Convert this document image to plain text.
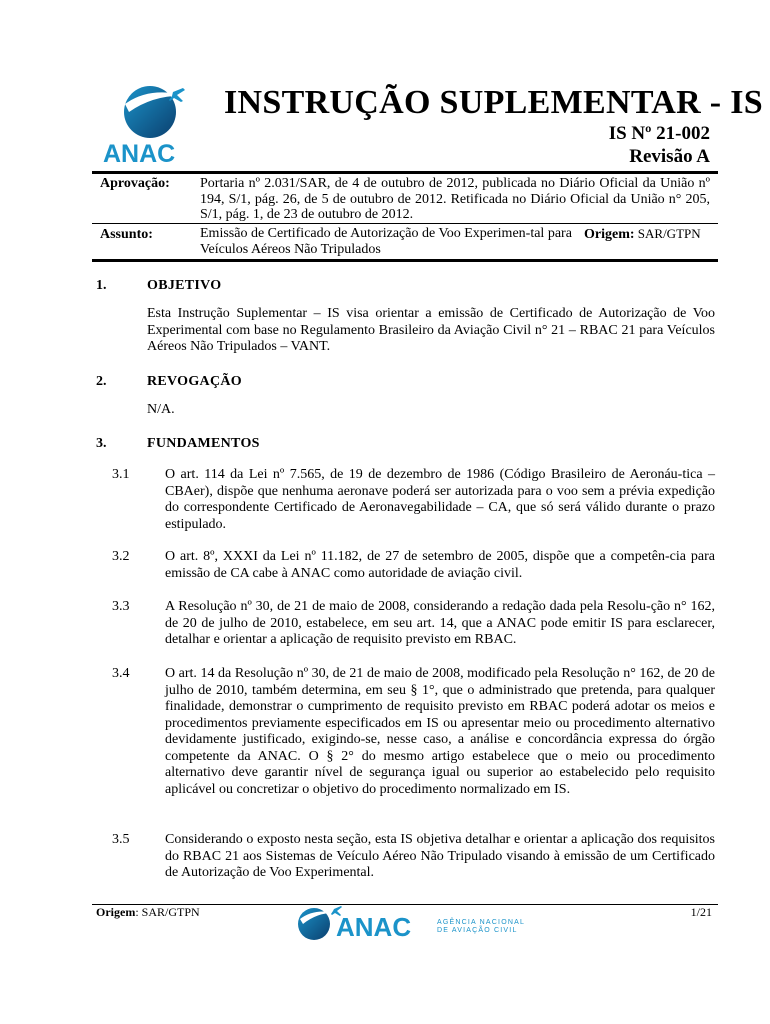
ANAC
INSTRUÇÃO SUPLEMENTAR - IS
IS Nº 21-002
Revisão A
Aprovação: Portaria nº 2.031/SAR, de 4 de outubro de 2012, publicada no Diário Oficial da União nº 194, S/1, pág. 26, de 5 de outubro de 2012. Retificada no Diário Oficial da União n° 205, S/1, pág. 1, de 23 de outubro de 2012.
Assunto:	Emissão de Certificado de Autorização de Voo Experimen-tal para Veículos Aéreos Não Tripulados
Origem: SAR/GTPN
1.	OBJETIVO
Esta Instrução Suplementar – IS visa orientar a emissão de Certificado de Autorização de Voo Experimental com base no Regulamento Brasileiro da Aviação Civil n° 21 – RBAC 21 para Veículos Aéreos Não Tripulados – VANT.
2.	REVOGAÇÃO
N/A.
3.	FUNDAMENTOS
3.1	O art. 114 da Lei nº 7.565, de 19 de dezembro de 1986 (Código Brasileiro de Aeronáu-tica – CBAer), dispõe que nenhuma aeronave poderá ser autorizada para o voo sem a prévia expedição do correspondente Certificado de Aeronavegabilidade – CA, que só será válido durante o prazo estipulado.
3.2	O art. 8º, XXXI da Lei nº 11.182, de 27 de setembro de 2005, dispõe que a competên-cia para emissão de CA cabe à ANAC como autoridade de aviação civil.
3.3	A Resolução nº 30, de 21 de maio de 2008, considerando a redação dada pela Resolu-ção n° 162, de 20 de julho de 2010, estabelece, em seu art. 14, que a ANAC pode emitir IS para esclarecer, detalhar e orientar a aplicação de requisito previsto em RBAC.
3.4	O art. 14 da Resolução nº 30, de 21 de maio de 2008, modificado pela Resolução n° 162, de 20 de julho de 2010, também determina, em seu § 1°, que o administrado que pretenda, para qualquer finalidade, demonstrar o cumprimento de requisito previsto em RBAC poderá adotar os meios e procedimentos previamente especificados em IS ou apresentar meio ou procedimento alternativo devidamente justificado, exigindo-se, nesse caso, a análise e concordância expressa do órgão competente da ANAC. O § 2° do mesmo artigo estabelece que o meio ou procedimento alternativo deve garantir nível de segurança igual ou superior ao estabelecido pelo requisito aplicável ou concretizar o objetivo do procedimento normalizado em IS.
3.5	Considerando o exposto nesta seção, esta IS objetiva detalhar e orientar a aplicação dos requisitos do RBAC 21 aos Sistemas de Veículo Aéreo Não Tripulado visando à emissão de um Certificado de Autorização de Voo Experimental.
Origem: SAR/GTPN	1/21
ANAC	AGÊNCIA NACIONAL
DE AVIAÇÃO CIVIL
